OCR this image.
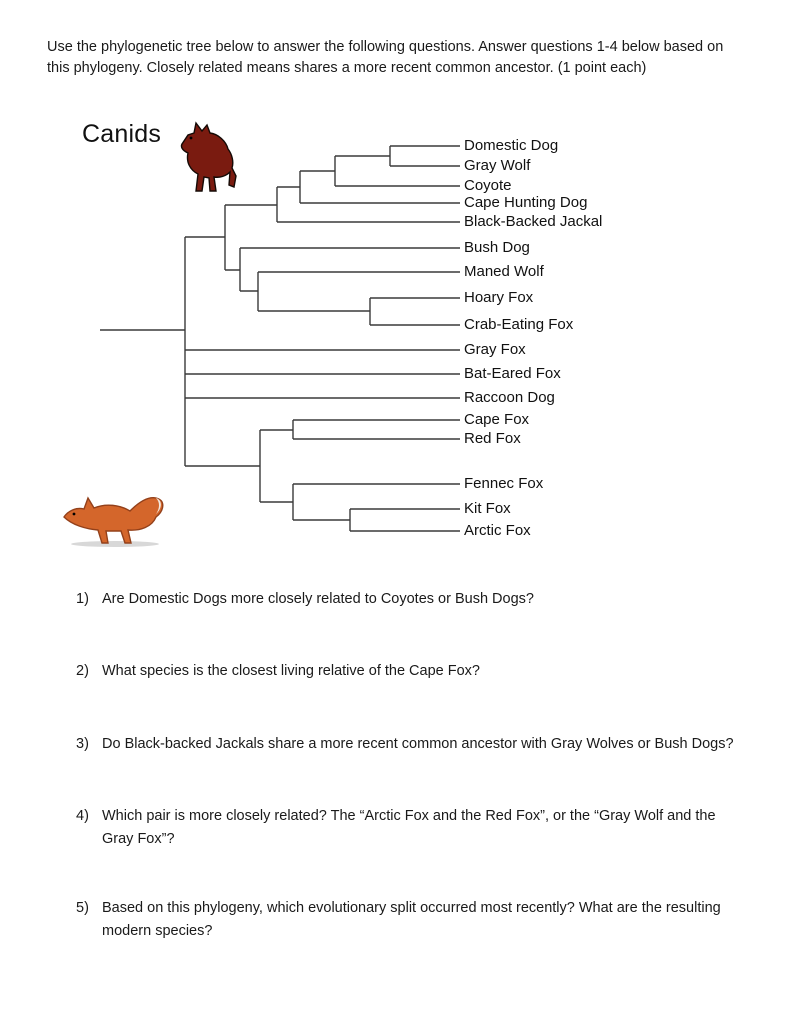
Use the phylogenetic tree below to answer the following questions. Answer questions 1-4 below based on this phylogeny. Closely related means shares a more recent common ancestor. (1 point each)

Canids	Domestic Dog
Gray Wolf
Coyote
Cape Hunting Dog
Black-Backed Jackal
Bush Dog
Maned Wolf
Hoary Fox
Crab-Eating Fox
Gray Fox
Bat-Eared Fox
Raccoon Dog
Cape Fox
Red Fox
Fennec Fox
Kit Fox
Arctic Fox
1) Are Domestic Dogs more closely related to Coyotes or Bush Dogs?
2) What species is the closest living relative of the Cape Fox?
3) Do Black-backed Jackals share a more recent common ancestor with Gray Wolves or Bush Dogs?
4) Which pair is more closely related? The “Arctic Fox and the Red Fox”, or the “Gray Wolf and the Gray Fox”?
5) Based on this phylogeny, which evolutionary split occurred most recently? What are the resulting modern species?
